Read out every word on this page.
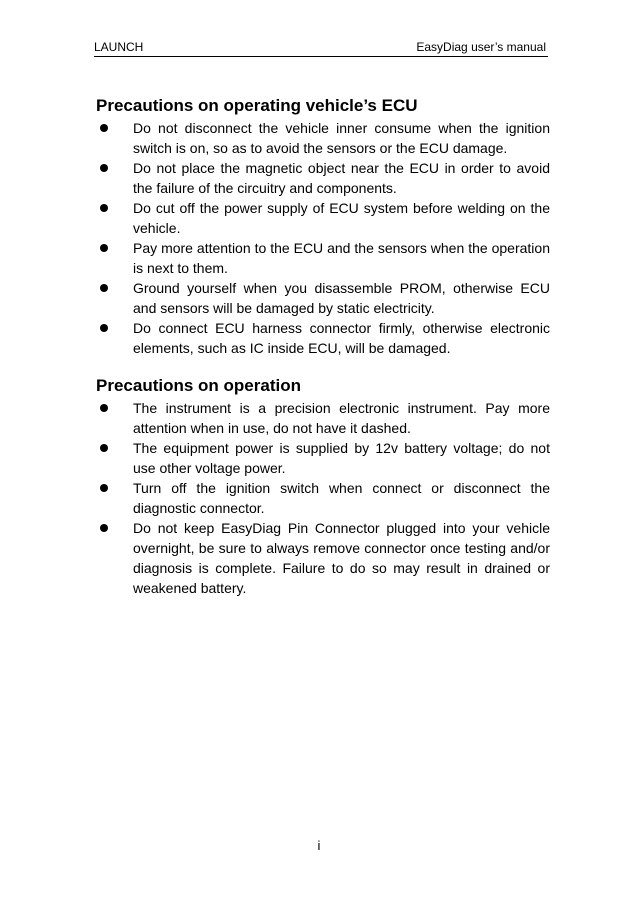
LAUNCH	EasyDiag user’s manual
Precautions on operating vehicle’s ECU
Do not disconnect the vehicle inner consume when the ignition switch is on, so as to avoid the sensors or the ECU damage.
Do not place the magnetic object near the ECU in order to avoid the failure of the circuitry and components.
Do cut off the power supply of ECU system before welding on the vehicle.
Pay more attention to the ECU and the sensors when the operation is next to them.
Ground yourself when you disassemble PROM, otherwise ECU and sensors will be damaged by static electricity.
Do connect ECU harness connector firmly, otherwise electronic elements, such as IC inside ECU, will be damaged.
Precautions on operation
The instrument is a precision electronic instrument. Pay more attention when in use, do not have it dashed.
The equipment power is supplied by 12v battery voltage; do not use other voltage power.
Turn off the ignition switch when connect or disconnect the diagnostic connector.
Do not keep EasyDiag Pin Connector plugged into your vehicle overnight, be sure to always remove connector once testing and/or diagnosis is complete. Failure to do so may result in drained or weakened battery.
i
